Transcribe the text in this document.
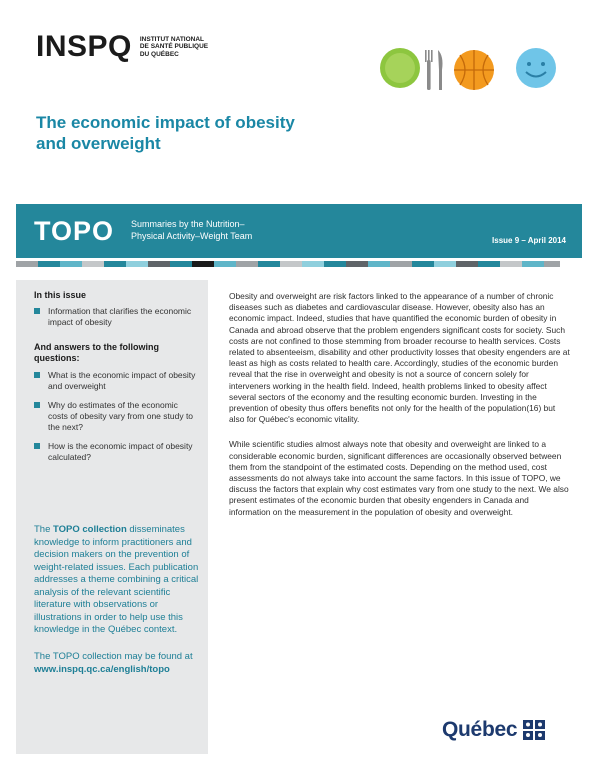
INSPQ INSTITUT NATIONAL
DE SANTÉ PUBLIQUE
DU QUÉBEC
The economic impact of obesity
and overweight
TOPO Summaries by the Nutrition–
Physical Activity–Weight Team	Issue 9 – April 2014
In this issue
Information that clarifies the economic impact of obesity
And answers to the following questions:
What is the economic impact of obesity and overweight
Why do estimates of the economic costs of obesity vary from one study to the next?
How is the economic impact of obesity calculated?

The TOPO collection disseminates knowledge to inform practitioners and decision makers on the prevention of weight-related issues. Each publication addresses a theme combining a critical analysis of the relevant scientific literature with observations or illustrations in order to help use this knowledge in the Québec context.

The TOPO collection may be found at
www.inspq.qc.ca/english/topo

Obesity and overweight are risk factors linked to the appearance of a number of chronic diseases such as diabetes and cardiovascular disease. However, obesity also has an economic impact. Indeed, studies that have quantified the economic burden of obesity in Canada and abroad observe that the problem engenders significant costs for society. Such costs are not confined to those stemming from broader recourse to health services. Costs related to absenteeism, disability and other productivity losses that obesity engenders are at least as high as costs related to health care. Accordingly, studies of the economic burden reveal that the rise in overweight and obesity is not a source of concern solely for interveners working in the health field. Indeed, health problems linked to obesity affect several sectors of the economy and the resulting economic burden. Investing in the prevention of obesity thus offers benefits not only for the health of the population(16) but also for Québec's economic vitality.

While scientific studies almost always note that obesity and overweight are linked to a considerable economic burden, significant differences are occasionally observed between them from the standpoint of the estimated costs. Depending on the method used, cost assessments do not always take into account the same factors. In this issue of TOPO, we discuss the factors that explain why cost estimates vary from one study to the next. We also present estimates of the economic burden that obesity engenders in Canada and information on the measurement in the population of obesity and overweight.

Québec
